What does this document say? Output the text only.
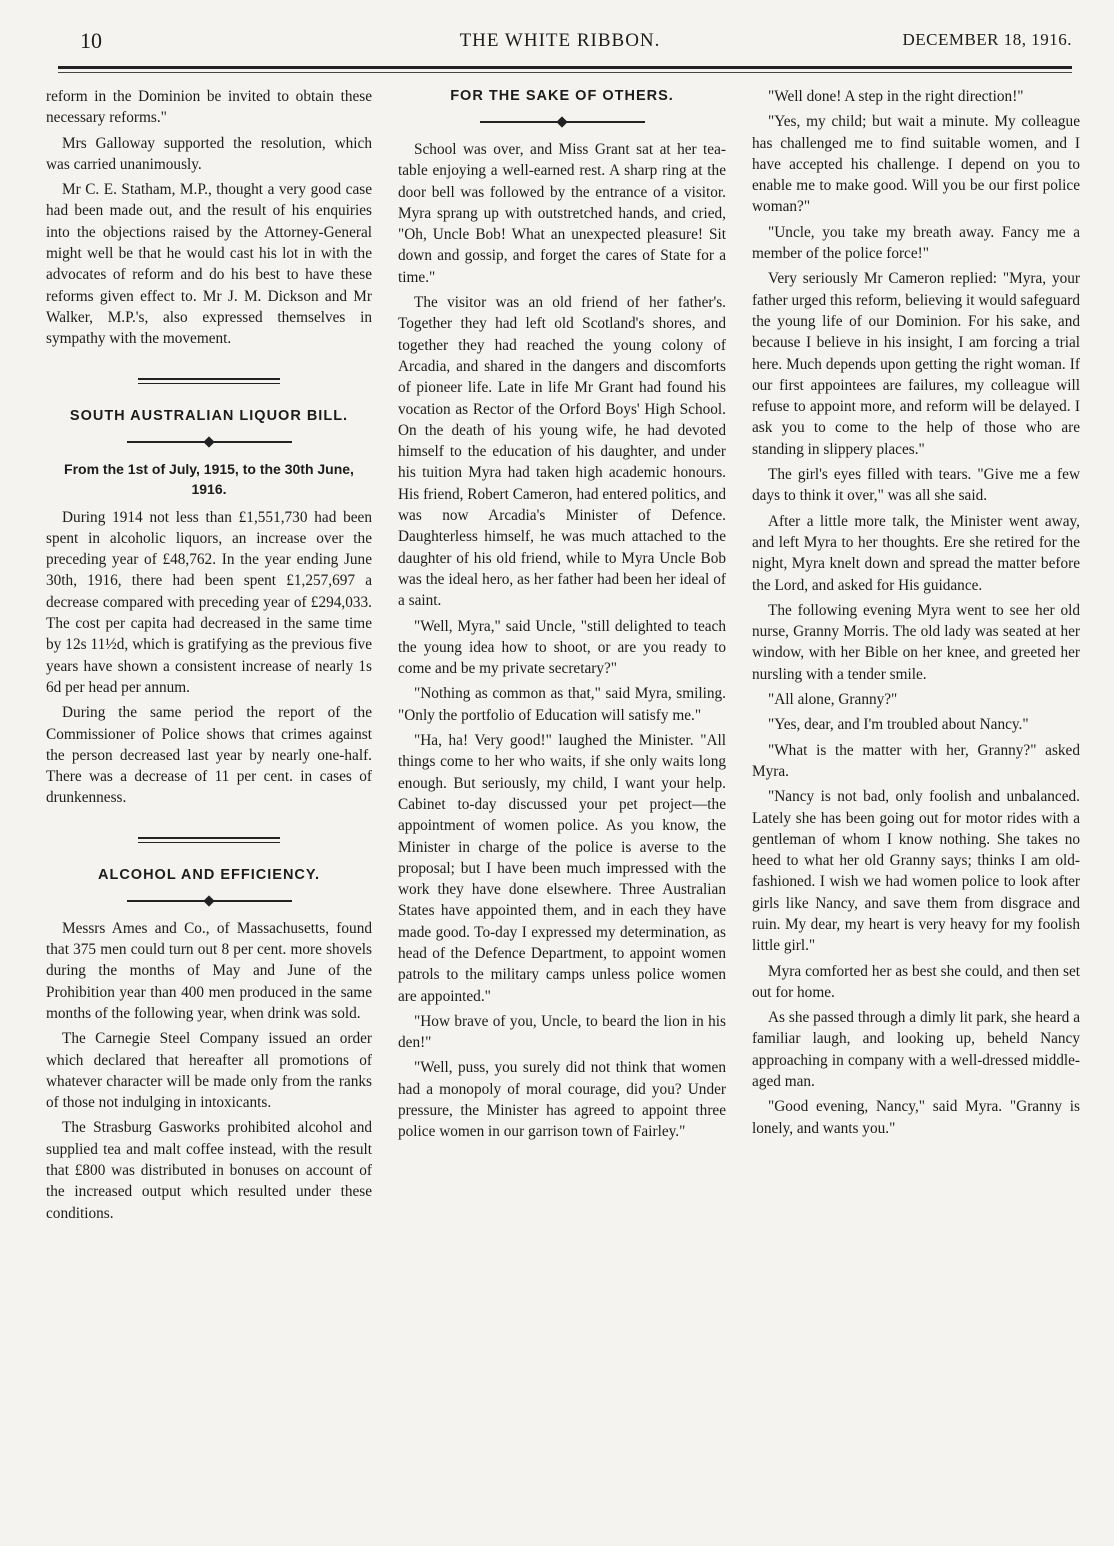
10	THE WHITE RIBBON.	DECEMBER 18, 1916.

reform in the Dominion be invited to obtain these necessary reforms."

Mrs Galloway supported the resolution, which was carried unanimously.

Mr C. E. Statham, M.P., thought a very good case had been made out, and the result of his enquiries into the objections raised by the Attorney-General might well be that he would cast his lot in with the advocates of reform and do his best to have these reforms given effect to. Mr J. M. Dickson and Mr Walker, M.P.'s, also expressed themselves in sympathy with the movement.

SOUTH AUSTRALIAN LIQUOR BILL.
From the 1st of July, 1915, to the 30th June, 1916.

During 1914 not less than £1,551,730 had been spent in alcoholic liquors, an increase over the preceding year of £48,762. In the year ending June 30th, 1916, there had been spent £1,257,697 a decrease compared with preceding year of £294,033. The cost per capita had decreased in the same time by 12s 11½d, which is gratifying as the previous five years have shown a consistent increase of nearly 1s 6d per head per annum.

During the same period the report of the Commissioner of Police shows that crimes against the person decreased last year by nearly one-half. There was a decrease of 11 per cent. in cases of drunkenness.

ALCOHOL AND EFFICIENCY.

Messrs Ames and Co., of Massachusetts, found that 375 men could turn out 8 per cent. more shovels during the months of May and June of the Prohibition year than 400 men produced in the same months of the following year, when drink was sold.

The Carnegie Steel Company issued an order which declared that hereafter all promotions of whatever character will be made only from the ranks of those not indulging in intoxicants.

The Strasburg Gasworks prohibited alcohol and supplied tea and malt coffee instead, with the result that £800 was distributed in bonuses on account of the increased output which resulted under these conditions.

FOR THE SAKE OF OTHERS.

School was over, and Miss Grant sat at her tea-table enjoying a well-earned rest. A sharp ring at the door bell was followed by the entrance of a visitor. Myra sprang up with outstretched hands, and cried, "Oh, Uncle Bob! What an unexpected pleasure! Sit down and gossip, and forget the cares of State for a time."

The visitor was an old friend of her father's. Together they had left old Scotland's shores, and together they had reached the young colony of Arcadia, and shared in the dangers and discomforts of pioneer life. Late in life Mr Grant had found his vocation as Rector of the Orford Boys' High School. On the death of his young wife, he had devoted himself to the education of his daughter, and under his tuition Myra had taken high academic honours. His friend, Robert Cameron, had entered politics, and was now Arcadia's Minister of Defence. Daughterless himself, he was much attached to the daughter of his old friend, while to Myra Uncle Bob was the ideal hero, as her father had been her ideal of a saint.

"Well, Myra," said Uncle, "still delighted to teach the young idea how to shoot, or are you ready to come and be my private secretary?"

"Nothing as common as that," said Myra, smiling. "Only the portfolio of Education will satisfy me."

"Ha, ha! Very good!" laughed the Minister. "All things come to her who waits, if she only waits long enough. But seriously, my child, I want your help. Cabinet to-day discussed your pet project—the appointment of women police. As you know, the Minister in charge of the police is averse to the proposal; but I have been much impressed with the work they have done elsewhere. Three Australian States have appointed them, and in each they have made good. To-day I expressed my determination, as head of the Defence Department, to appoint women patrols to the military camps unless police women are appointed."

"How brave of you, Uncle, to beard the lion in his den!"

"Well, puss, you surely did not think that women had a monopoly of moral courage, did you? Under pressure, the Minister has agreed to appoint three police women in our garrison town of Fairley."

"Well done! A step in the right direction!"

"Yes, my child; but wait a minute. My colleague has challenged me to find suitable women, and I have accepted his challenge. I depend on you to enable me to make good. Will you be our first police woman?"

"Uncle, you take my breath away. Fancy me a member of the police force!"

Very seriously Mr Cameron replied: "Myra, your father urged this reform, believing it would safeguard the young life of our Dominion. For his sake, and because I believe in his insight, I am forcing a trial here. Much depends upon getting the right woman. If our first appointees are failures, my colleague will refuse to appoint more, and reform will be delayed. I ask you to come to the help of those who are standing in slippery places."

The girl's eyes filled with tears. "Give me a few days to think it over," was all she said.

After a little more talk, the Minister went away, and left Myra to her thoughts. Ere she retired for the night, Myra knelt down and spread the matter before the Lord, and asked for His guidance.

The following evening Myra went to see her old nurse, Granny Morris. The old lady was seated at her window, with her Bible on her knee, and greeted her nursling with a tender smile.

"All alone, Granny?"

"Yes, dear, and I'm troubled about Nancy."

"What is the matter with her, Granny?" asked Myra.

"Nancy is not bad, only foolish and unbalanced. Lately she has been going out for motor rides with a gentleman of whom I know nothing. She takes no heed to what her old Granny says; thinks I am old-fashioned. I wish we had women police to look after girls like Nancy, and save them from disgrace and ruin. My dear, my heart is very heavy for my foolish little girl."

Myra comforted her as best she could, and then set out for home.

As she passed through a dimly lit park, she heard a familiar laugh, and looking up, beheld Nancy approaching in company with a well-dressed middle-aged man.

"Good evening, Nancy," said Myra. "Granny is lonely, and wants you."
